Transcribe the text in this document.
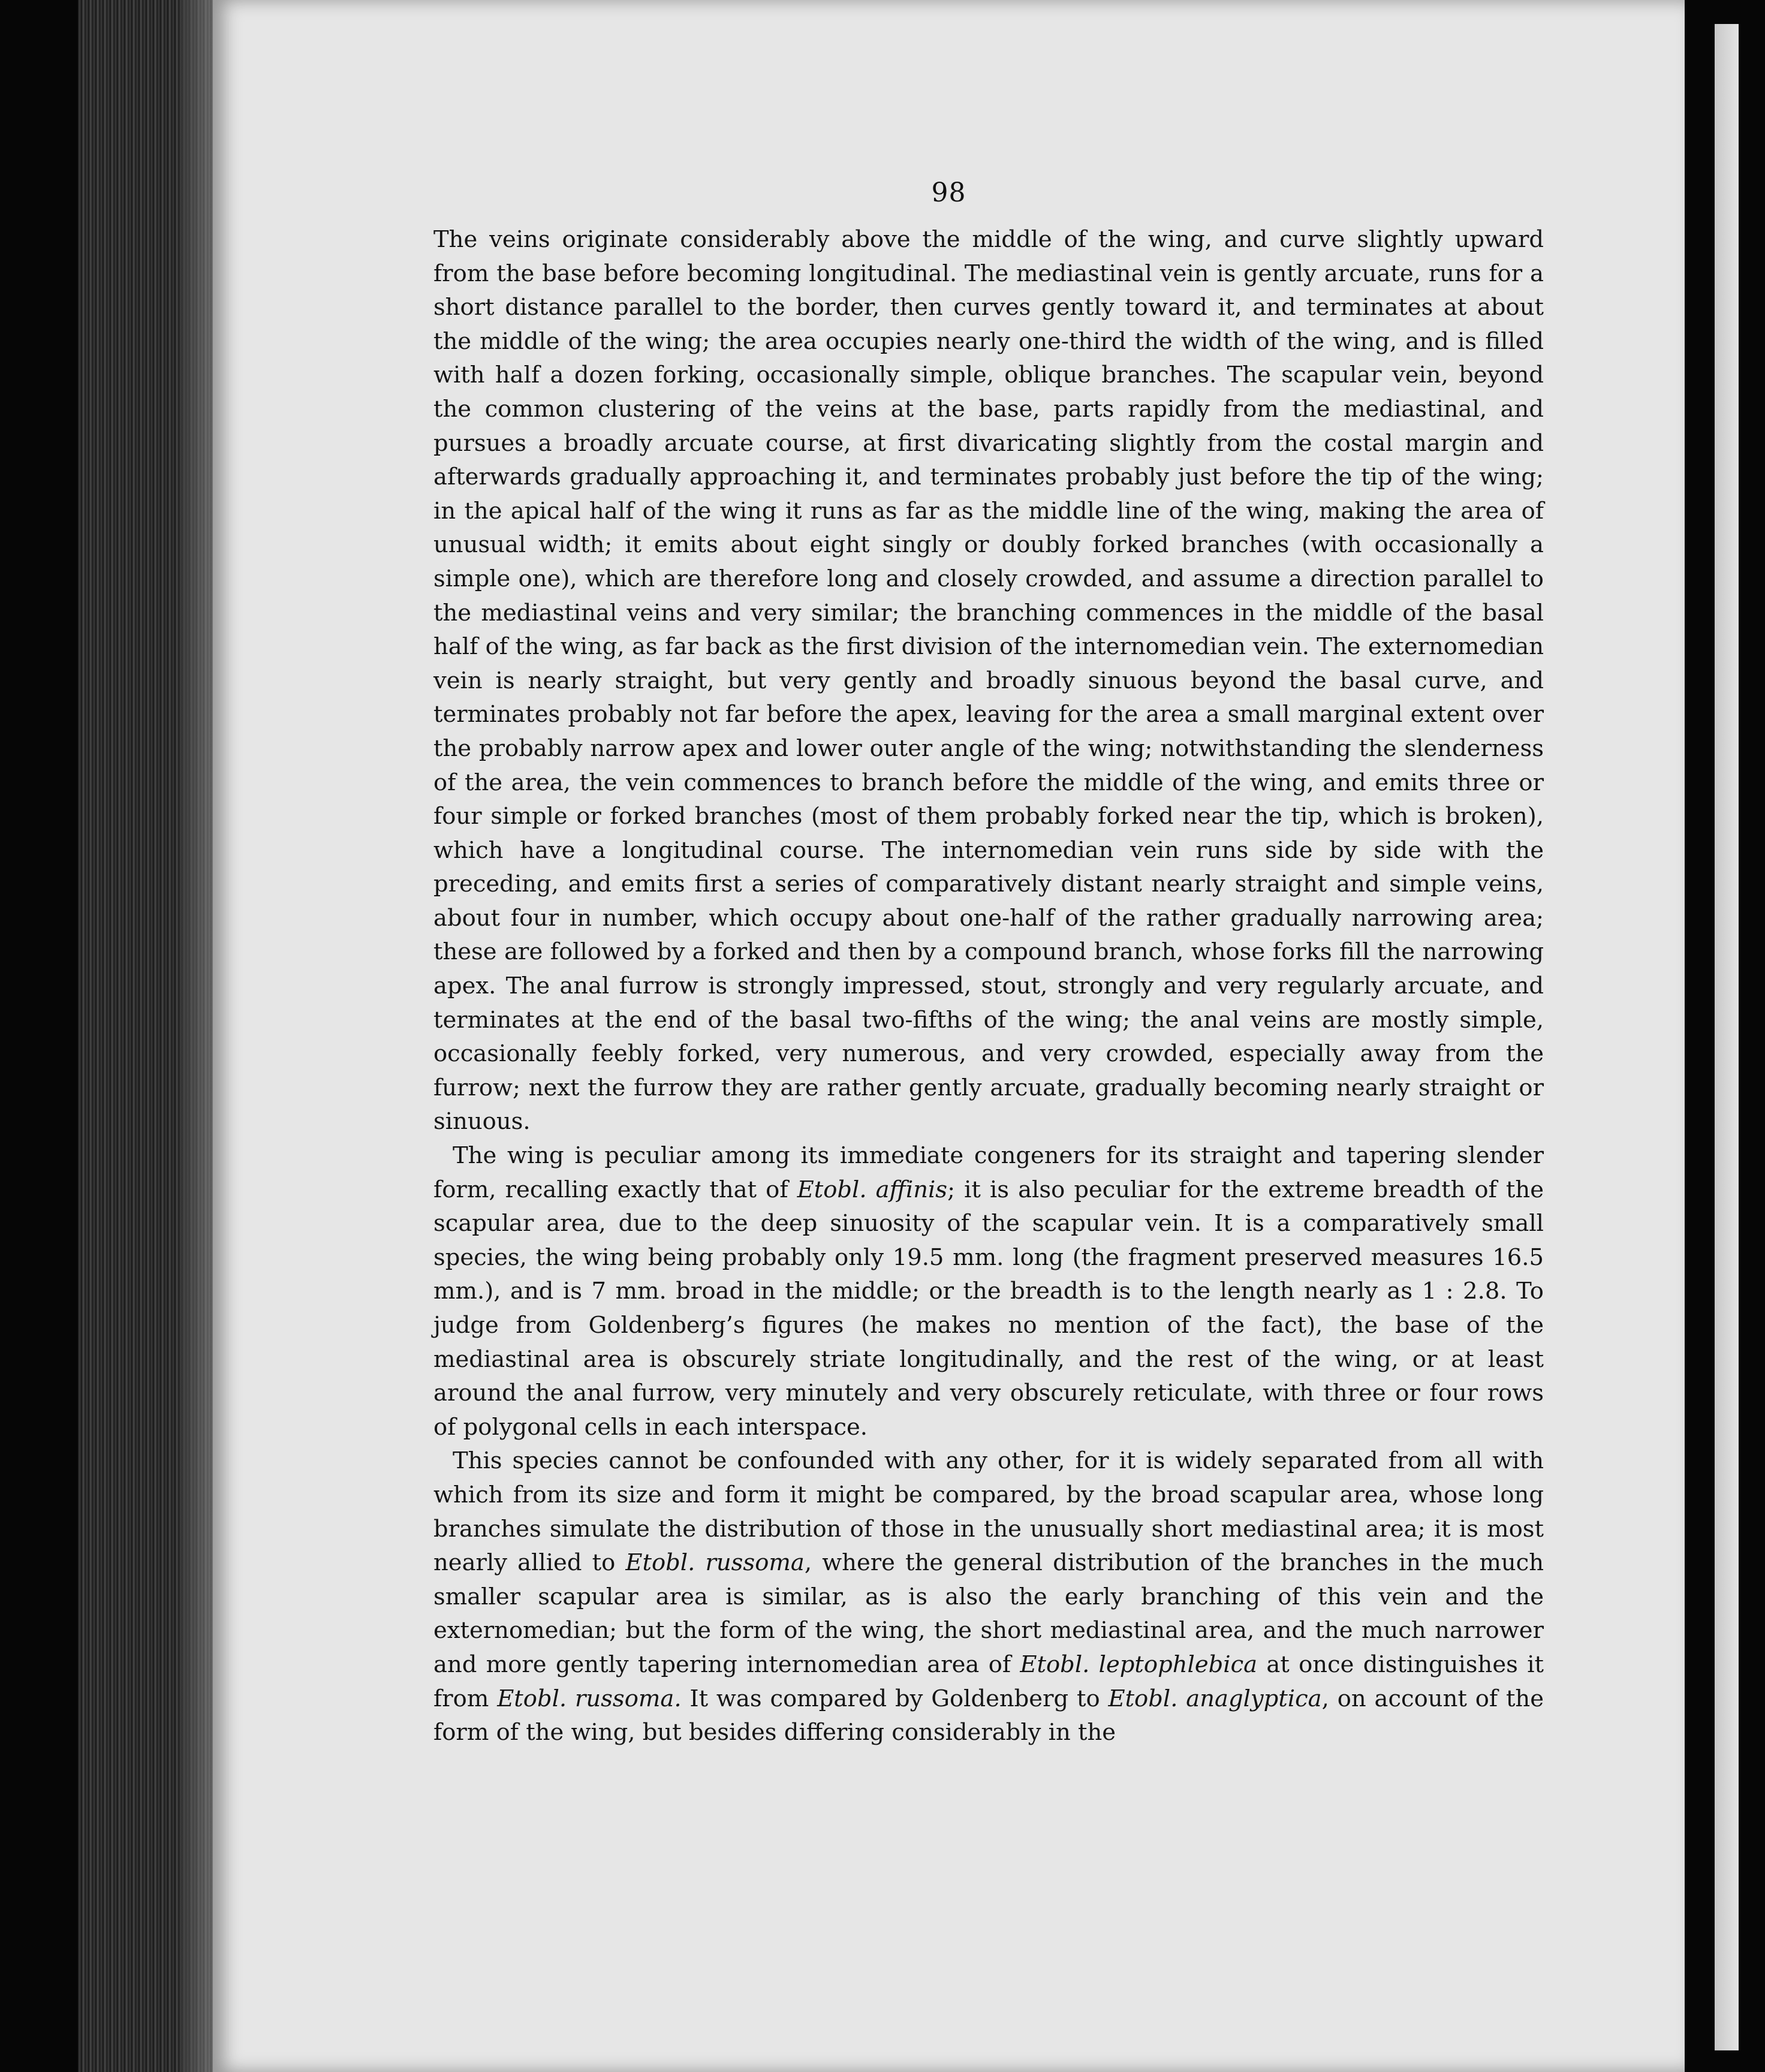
98

The veins originate considerably above the middle of the wing, and curve slightly upward from the base before becoming longitudinal. The mediastinal vein is gently arcuate, runs for a short distance parallel to the border, then curves gently toward it, and terminates at about the middle of the wing; the area occupies nearly one-third the width of the wing, and is filled with half a dozen forking, occasionally simple, oblique branches. The scapular vein, beyond the common clustering of the veins at the base, parts rapidly from the mediastinal, and pursues a broadly arcuate course, at first divaricating slightly from the costal margin and afterwards gradually approaching it, and terminates probably just before the tip of the wing; in the apical half of the wing it runs as far as the middle line of the wing, making the area of unusual width; it emits about eight singly or doubly forked branches (with occasionally a simple one), which are therefore long and closely crowded, and assume a direction parallel to the mediastinal veins and very similar; the branching commences in the middle of the basal half of the wing, as far back as the first division of the internomedian vein. The externomedian vein is nearly straight, but very gently and broadly sinuous beyond the basal curve, and terminates probably not far before the apex, leaving for the area a small marginal extent over the probably narrow apex and lower outer angle of the wing; notwithstanding the slenderness of the area, the vein commences to branch before the middle of the wing, and emits three or four simple or forked branches (most of them probably forked near the tip, which is broken), which have a longitudinal course. The internomedian vein runs side by side with the preceding, and emits first a series of comparatively distant nearly straight and simple veins, about four in number, which occupy about one-half of the rather gradually narrowing area; these are followed by a forked and then by a compound branch, whose forks fill the narrowing apex. The anal furrow is strongly impressed, stout, strongly and very regularly arcuate, and terminates at the end of the basal two-fifths of the wing; the anal veins are mostly simple, occasionally feebly forked, very numerous, and very crowded, especially away from the furrow; next the furrow they are rather gently arcuate, gradually becoming nearly straight or sinuous.

The wing is peculiar among its immediate congeners for its straight and tapering slender form, recalling exactly that of Etobl. affinis; it is also peculiar for the extreme breadth of the scapular area, due to the deep sinuosity of the scapular vein. It is a comparatively small species, the wing being probably only 19.5 mm. long (the fragment preserved measures 16.5 mm.), and is 7 mm. broad in the middle; or the breadth is to the length nearly as 1 : 2.8. To judge from Goldenberg’s figures (he makes no mention of the fact), the base of the mediastinal area is obscurely striate longitudinally, and the rest of the wing, or at least around the anal furrow, very minutely and very obscurely reticulate, with three or four rows of polygonal cells in each interspace.

This species cannot be confounded with any other, for it is widely separated from all with which from its size and form it might be compared, by the broad scapular area, whose long branches simulate the distribution of those in the unusually short mediastinal area; it is most nearly allied to Etobl. russoma, where the general distribution of the branches in the much smaller scapular area is similar, as is also the early branching of this vein and the externomedian; but the form of the wing, the short mediastinal area, and the much narrower and more gently tapering internomedian area of Etobl. leptophlebica at once distinguishes it from Etobl. russoma. It was compared by Goldenberg to Etobl. anaglyptica, on account of the form of the wing, but besides differing considerably in the
